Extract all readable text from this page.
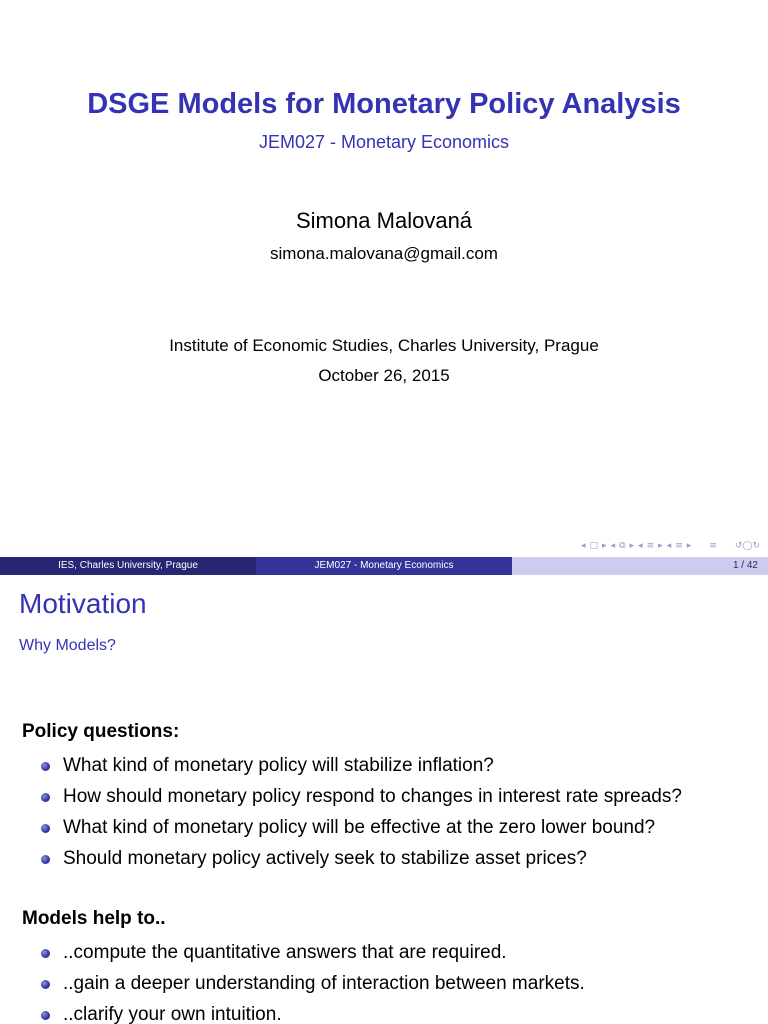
DSGE Models for Monetary Policy Analysis
JEM027 - Monetary Economics
Simona Malovaná
simona.malovana@gmail.com
Institute of Economic Studies, Charles University, Prague
October 26, 2015
◂ □ ▸ ◂ ⧉ ▸ ◂ ≡ ▸ ◂ ≡ ▸ ≡ ↺◯↻
IES, Charles University, Prague	JEM027 - Monetary Economics	1 / 42
Motivation
Why Models?
Policy questions:
What kind of monetary policy will stabilize inflation?
How should monetary policy respond to changes in interest rate spreads?
What kind of monetary policy will be effective at the zero lower bound?
Should monetary policy actively seek to stabilize asset prices?
Models help to..
..compute the quantitative answers that are required.
..gain a deeper understanding of interaction between markets.
..clarify your own intuition.
